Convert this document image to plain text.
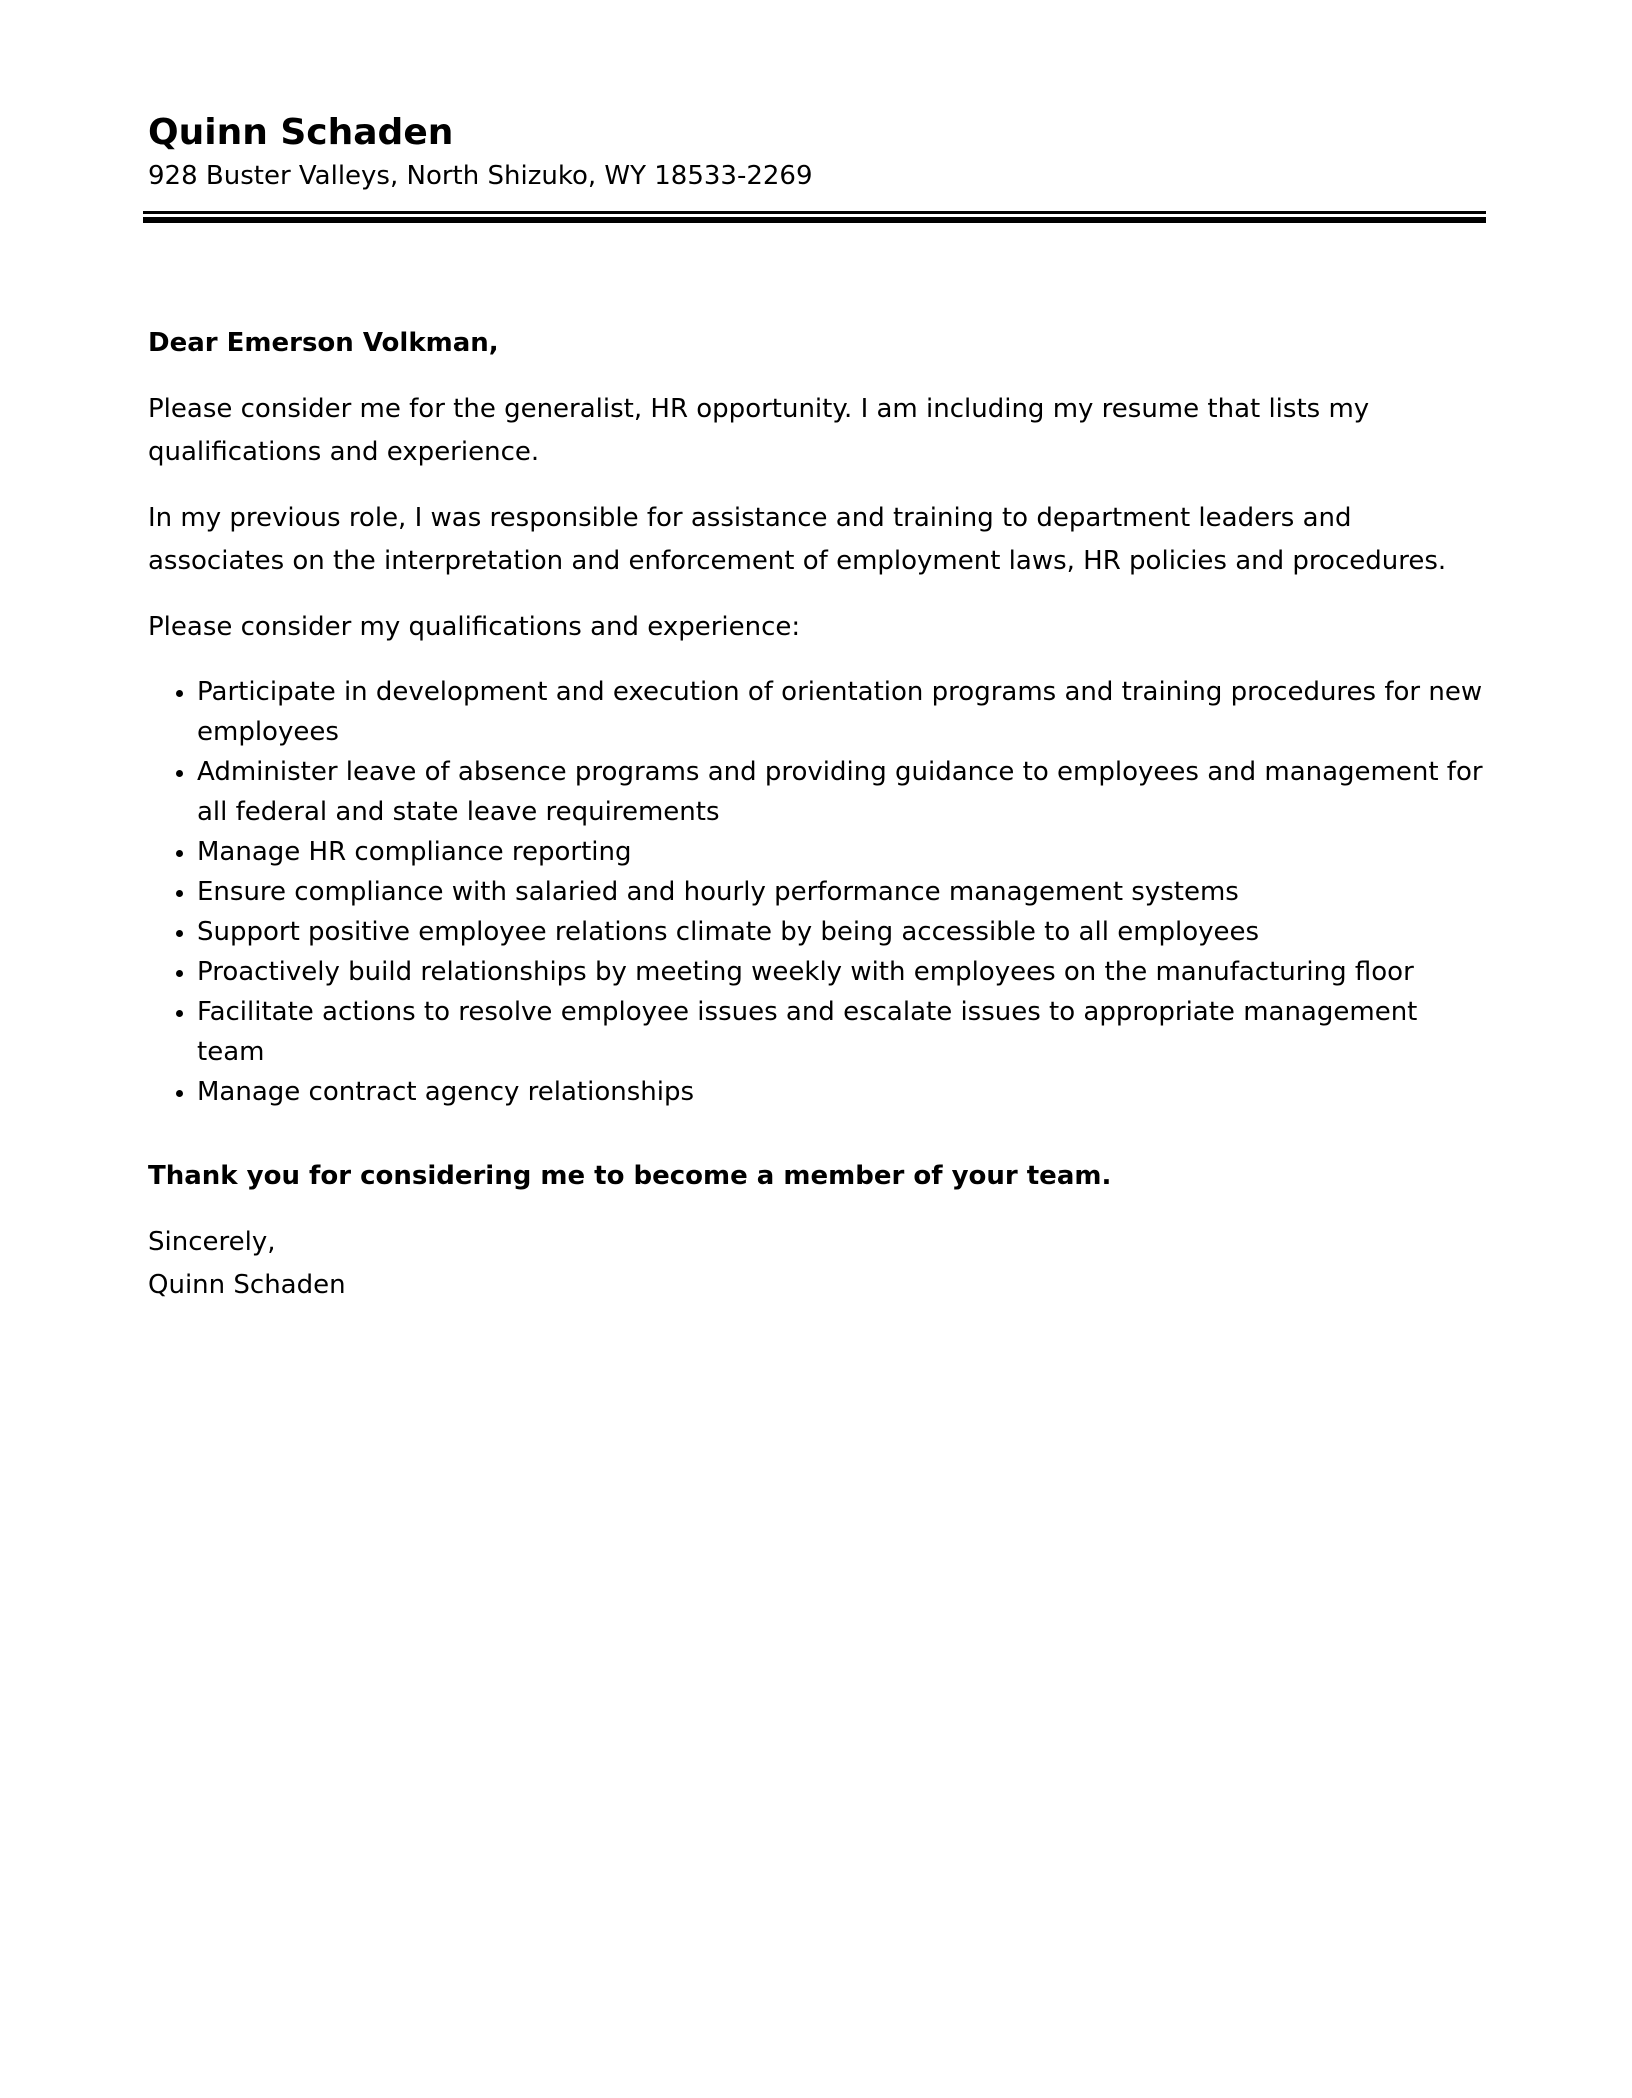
Quinn Schaden
928 Buster Valleys, North Shizuko, WY 18533-2269

Dear Emerson Volkman,

Please consider me for the generalist, HR opportunity. I am including my resume that lists my qualifications and experience.

In my previous role, I was responsible for assistance and training to department leaders and associates on the interpretation and enforcement of employment laws, HR policies and procedures.

Please consider my qualifications and experience:

• Participate in development and execution of orientation programs and training procedures for new employees
• Administer leave of absence programs and providing guidance to employees and management for all federal and state leave requirements
• Manage HR compliance reporting
• Ensure compliance with salaried and hourly performance management systems
• Support positive employee relations climate by being accessible to all employees
• Proactively build relationships by meeting weekly with employees on the manufacturing floor
• Facilitate actions to resolve employee issues and escalate issues to appropriate management team
• Manage contract agency relationships

Thank you for considering me to become a member of your team.

Sincerely,
Quinn Schaden
